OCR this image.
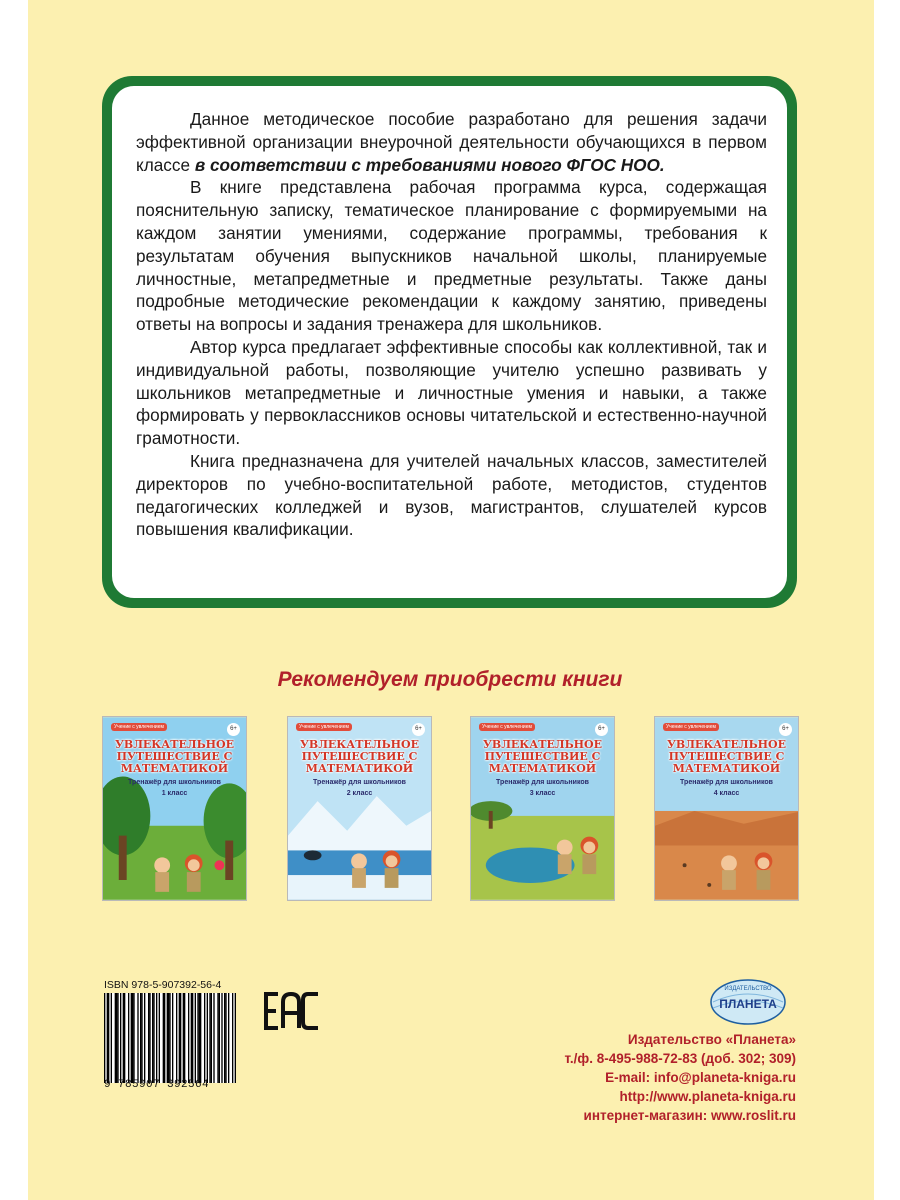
Данное методическое пособие разработано для решения задачи эффективной организации внеурочной деятельности обучающихся в первом классе в соответствии с требованиями нового ФГОС НОО.

В книге представлена рабочая программа курса, содержащая пояснительную записку, тематическое планирование с формируемыми на каждом занятии умениями, содержание программы, требования к результатам обучения выпускников начальной школы, планируемые личностные, метапредметные и предметные результаты. Также даны подробные методические рекомендации к каждому занятию, приведены ответы на вопросы и задания тренажера для школьников.

Автор курса предлагает эффективные способы как коллективной, так и индивидуальной работы, позволяющие учителю успешно развивать у школьников метапредметные и личностные умения и навыки, а также формировать у первоклассников основы читательской и естественно-научной грамотности.

Книга предназначена для учителей начальных классов, заместителей директоров по учебно-воспитательной работе, методистов, студентов педагогических колледжей и вузов, магистрантов, слушателей курсов повышения квалификации.

Рекомендуем приобрести книги
Учение с увлечением	6+
УВЛЕКАТЕЛЬНОЕ ПУТЕШЕСТВИЕ С МАТЕМАТИКОЙ
Тренажёр для школьников
1 класс
Учение с увлечением	6+
УВЛЕКАТЕЛЬНОЕ ПУТЕШЕСТВИЕ С МАТЕМАТИКОЙ
Тренажёр для школьников
2 класс
Учение с увлечением	6+
УВЛЕКАТЕЛЬНОЕ ПУТЕШЕСТВИЕ С МАТЕМАТИКОЙ
Тренажёр для школьников
3 класс
Учение с увлечением	6+
УВЛЕКАТЕЛЬНОЕ ПУТЕШЕСТВИЕ С МАТЕМАТИКОЙ
Тренажёр для школьников
4 класс
ISBN 978-5-907392-56-4
9 785907 392564
ИЗДАТЕЛЬСТВО
ПЛАНЕТА
Издательство «Планета»
т./ф. 8-495-988-72-83 (доб. 302; 309)
E-mail: info@planeta-kniga.ru
http://www.planeta-kniga.ru
интернет-магазин: www.roslit.ru
